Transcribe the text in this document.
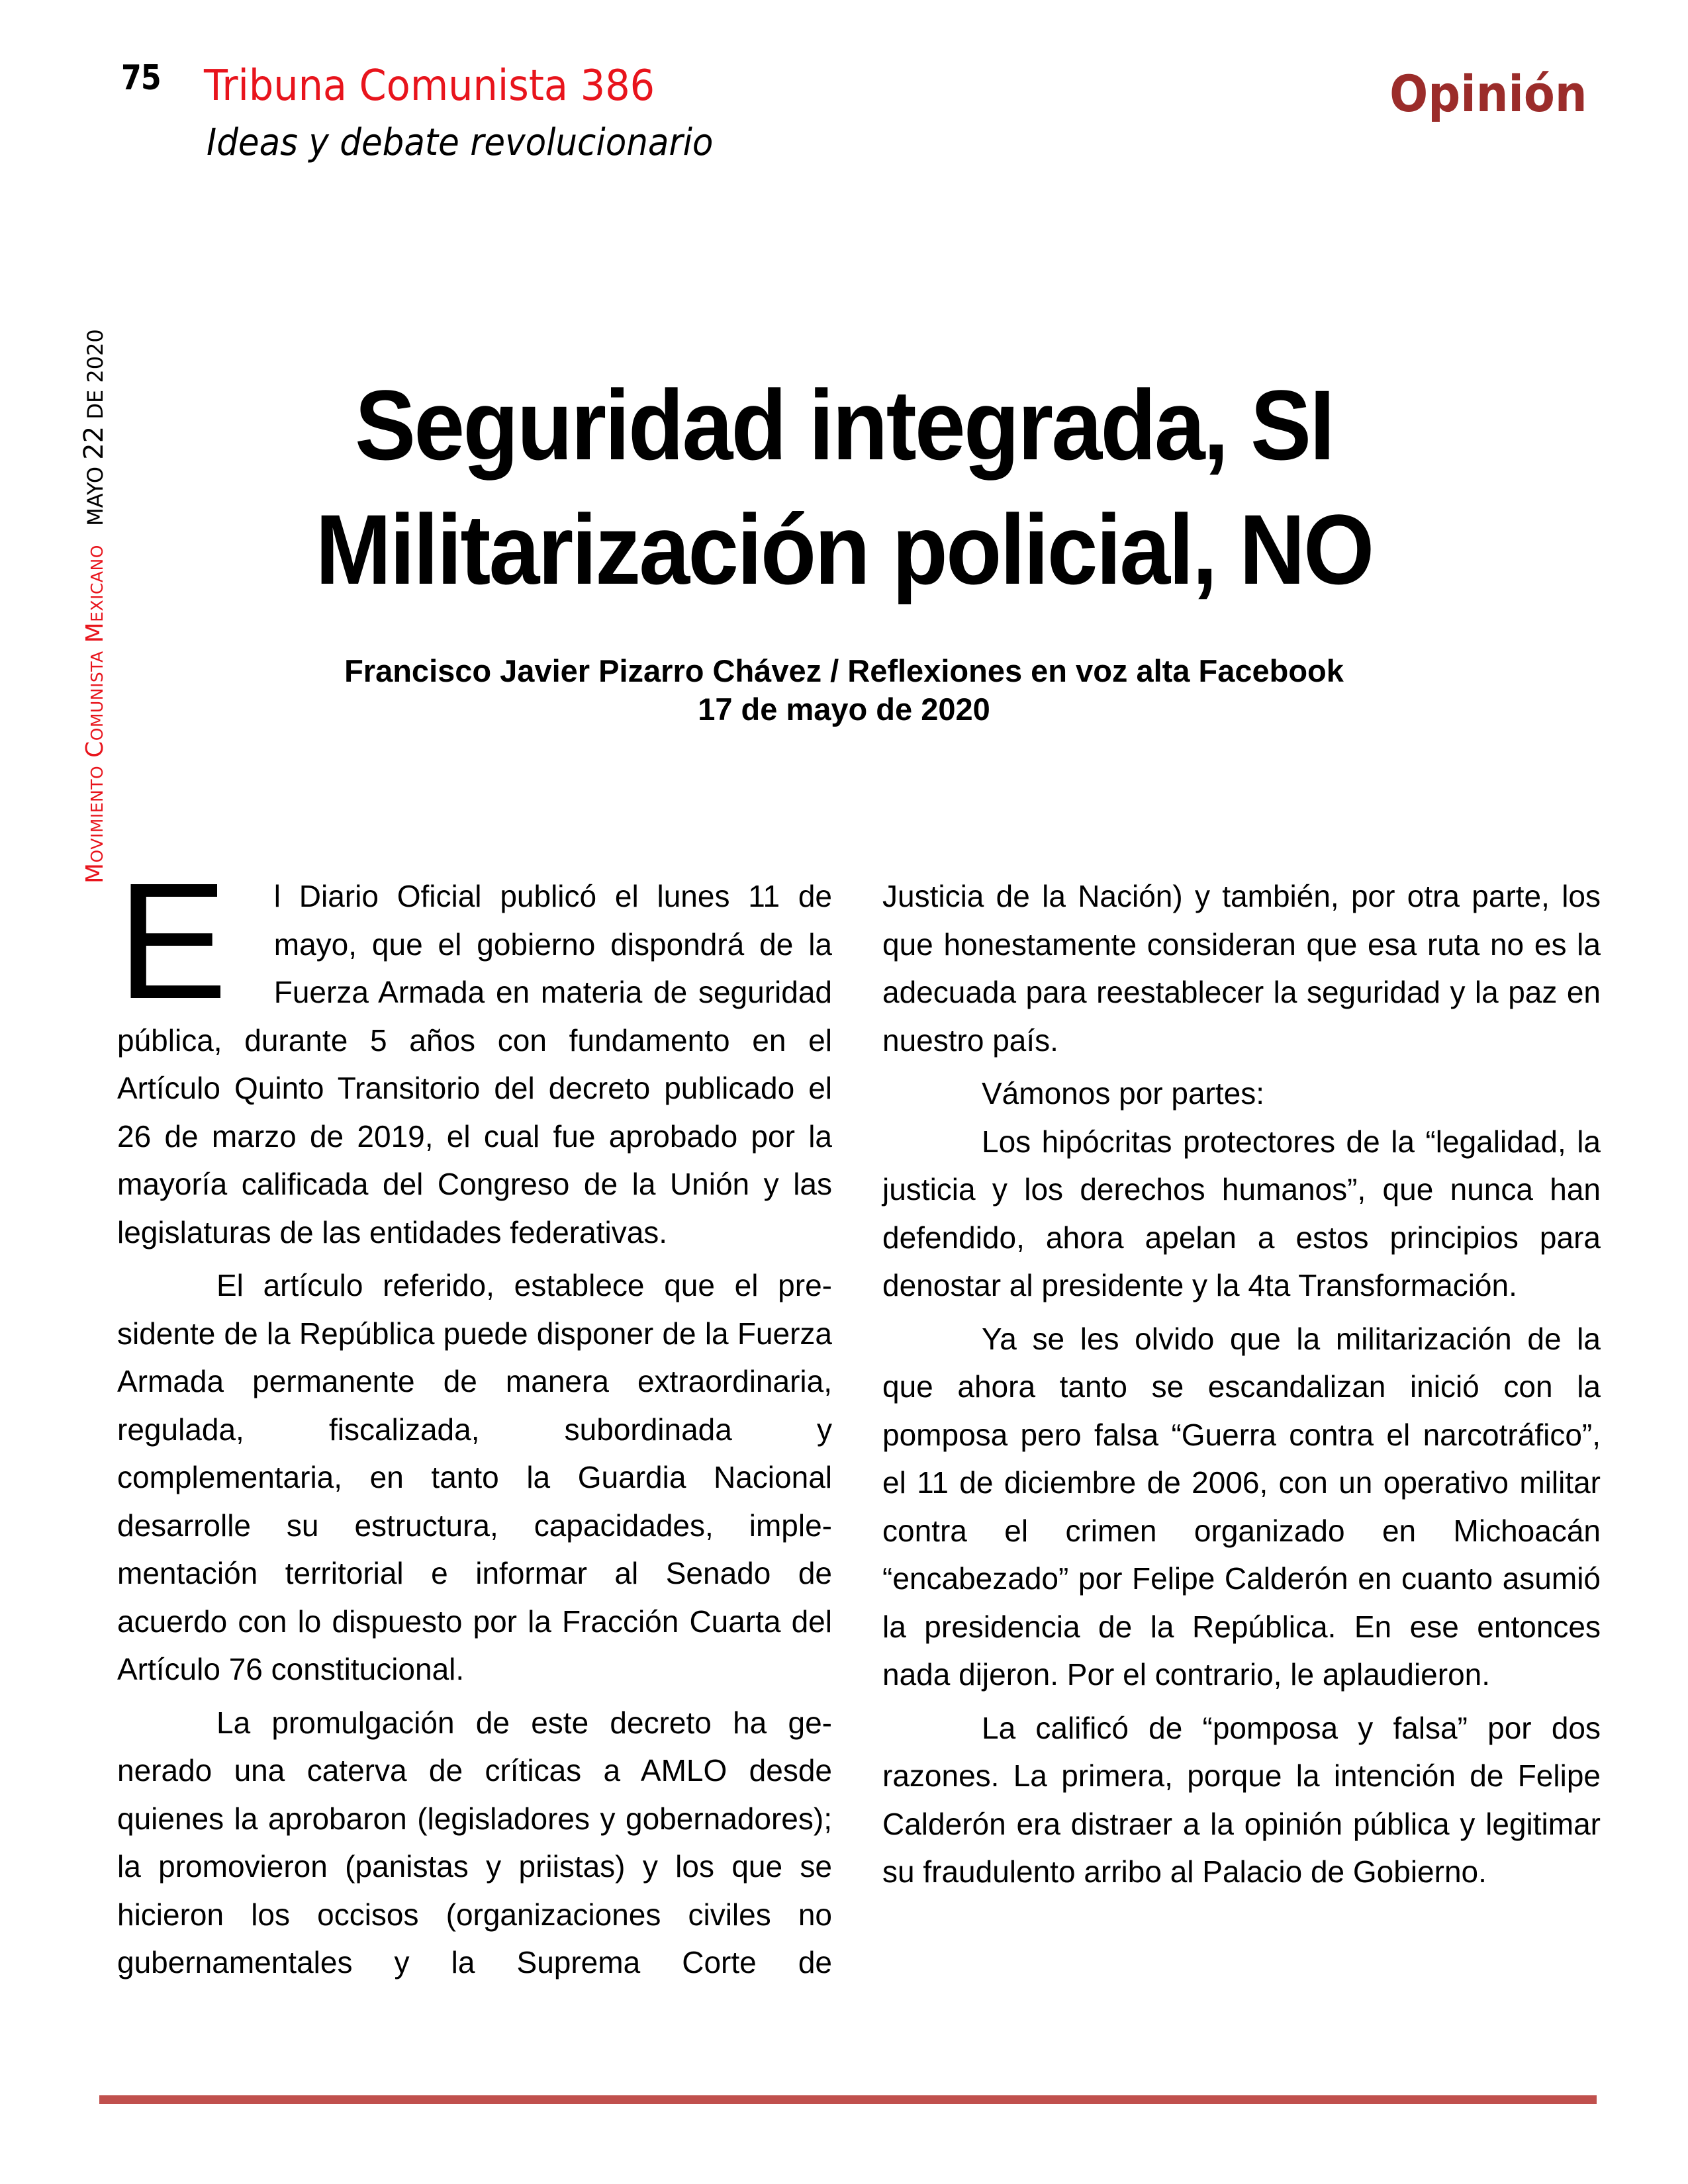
75 Tribuna Comunista 386
Ideas y debate revolucionario
Opinión
Movimiento Comunista Mexicano MAYO 22 DE 2020	Seguridad integrada, SI
Militarización policial, NO
Francisco Javier Pizarro Chávez / Reflexiones en voz alta Facebook
17 de mayo de 2020
E	l Diario Oficial publicó el lunes 11 de mayo, que el gobierno dispondrá de la Fuerza Armada en materia de seguridad pública, durante 5 años con fundamento en el Artículo Quinto Transitorio del decreto publicado el 26 de marzo de 2019, el cual fue aprobado por la mayoría calificada del Congreso de la Unión y las legislaturas de las entidades federativas.

El artículo referido, establece que el presidente de la República puede disponer de la Fuerza Armada permanente de manera extraordinaria, regulada, fiscalizada, subordinada y complementaria, en tanto la Guardia Nacional desarrolle su estructura, capacidades, implementación territorial e informar al Senado de acuerdo con lo dispuesto por la Fracción Cuarta del Artículo 76 constitucional.

La promulgación de este decreto ha generado una caterva de críticas a AMLO desde quienes la aprobaron (legisladores y gobernadores); la promovieron (panistas y priistas) y los que se hicieron los occisos (organizaciones civiles no gubernamentales y la Suprema Corte de

Justicia de la Nación) y también, por otra parte, los que honestamente consideran que esa ruta no es la adecuada para reestablecer la seguridad y la paz en nuestro país.

Vámonos por partes:

Los hipócritas protectores de la “legalidad, la justicia y los derechos humanos”, que nunca han defendido, ahora apelan a estos principios para denostar al presidente y la 4ta Transformación.

Ya se les olvido que la militarización de la que ahora tanto se escandalizan inició con la pomposa pero falsa “Guerra contra el narcotráfico”, el 11 de diciembre de 2006, con un operativo militar contra el crimen organizado en Michoacán “encabezado” por Felipe Calderón en cuanto asumió la presidencia de la República. En ese entonces nada dijeron. Por el contrario, le aplaudieron.

La calificó de “pomposa y falsa” por dos razones. La primera, porque la intención de Felipe Calderón era distraer a la opinión pública y legitimar su fraudulento arribo al Palacio de Gobierno.
